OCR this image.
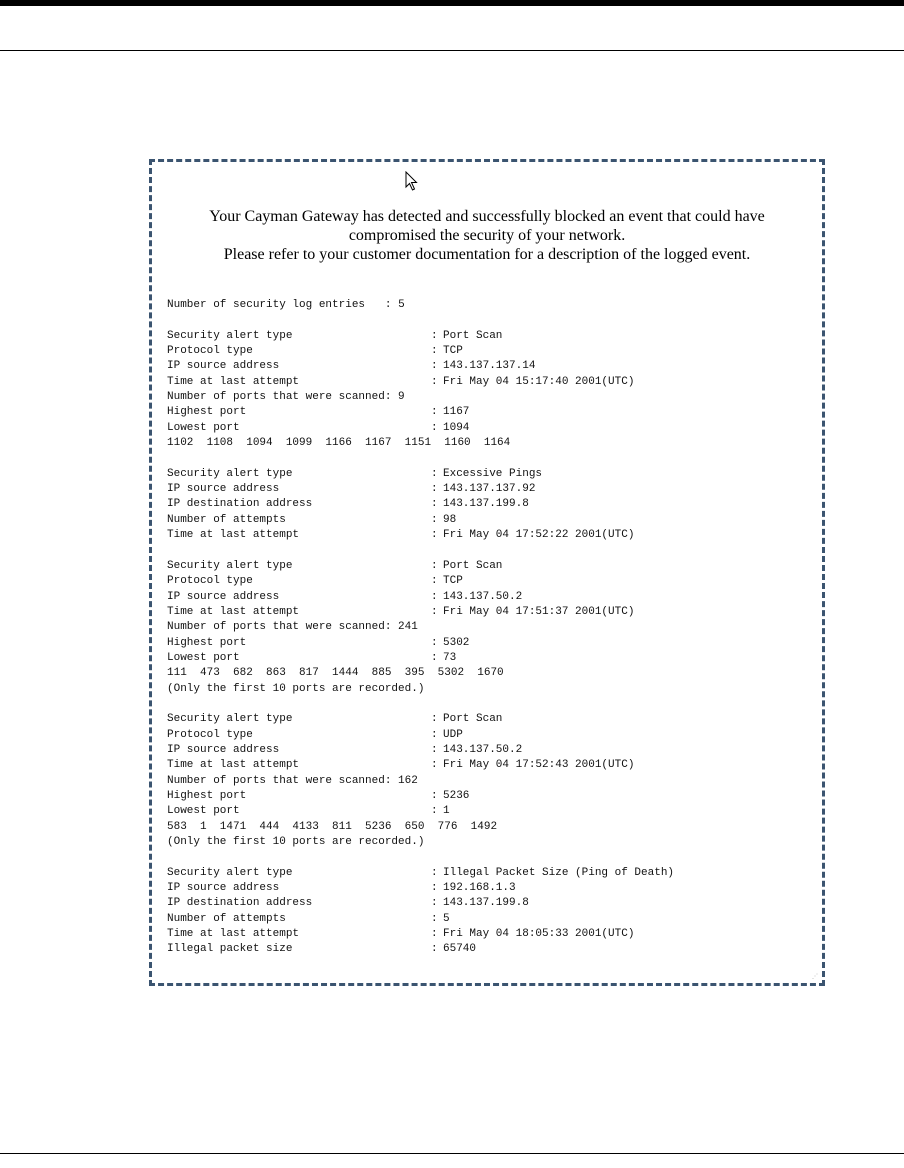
Your Cayman Gateway has detected and successfully blocked an event that could have
compromised the security of your network.
Please refer to your customer documentation for a description of the logged event.
Number of security log entries : 5
Security alert type	:
Port Scan
Protocol type	:
TCP
IP source address	:
143.137.137.14
Time at last attempt	:
Fri May 04 15:17:40 2001(UTC)
Number of ports that were scanned: 9
Highest port	:
1167
Lowest port	:
1094
1102  1108  1094  1099  1166  1167  1151  1160  1164
Security alert type	:
Excessive Pings
IP source address	:
143.137.137.92
IP destination address	:
143.137.199.8
Number of attempts	:
98
Time at last attempt	:
Fri May 04 17:52:22 2001(UTC)
Security alert type	:
Port Scan
Protocol type	:
TCP
IP source address	:
143.137.50.2
Time at last attempt	:
Fri May 04 17:51:37 2001(UTC)
Number of ports that were scanned: 241
Highest port	:
5302
Lowest port	:
73
111  473  682  863  817  1444  885  395  5302  1670
(Only the first 10 ports are recorded.)
Security alert type	:
Port Scan
Protocol type	:
UDP
IP source address	:
143.137.50.2
Time at last attempt	:
Fri May 04 17:52:43 2001(UTC)
Number of ports that were scanned: 162
Highest port	:
5236
Lowest port	:
1
583  1  1471  444  4133  811  5236  650  776  1492
(Only the first 10 ports are recorded.)
Security alert type	:
Illegal Packet Size (Ping of Death)
IP source address	:
192.168.1.3
IP destination address	:
143.137.199.8
Number of attempts	:
5
Time at last attempt	:
Fri May 04 18:05:33 2001(UTC)
Illegal packet size	:
65740
⋰
